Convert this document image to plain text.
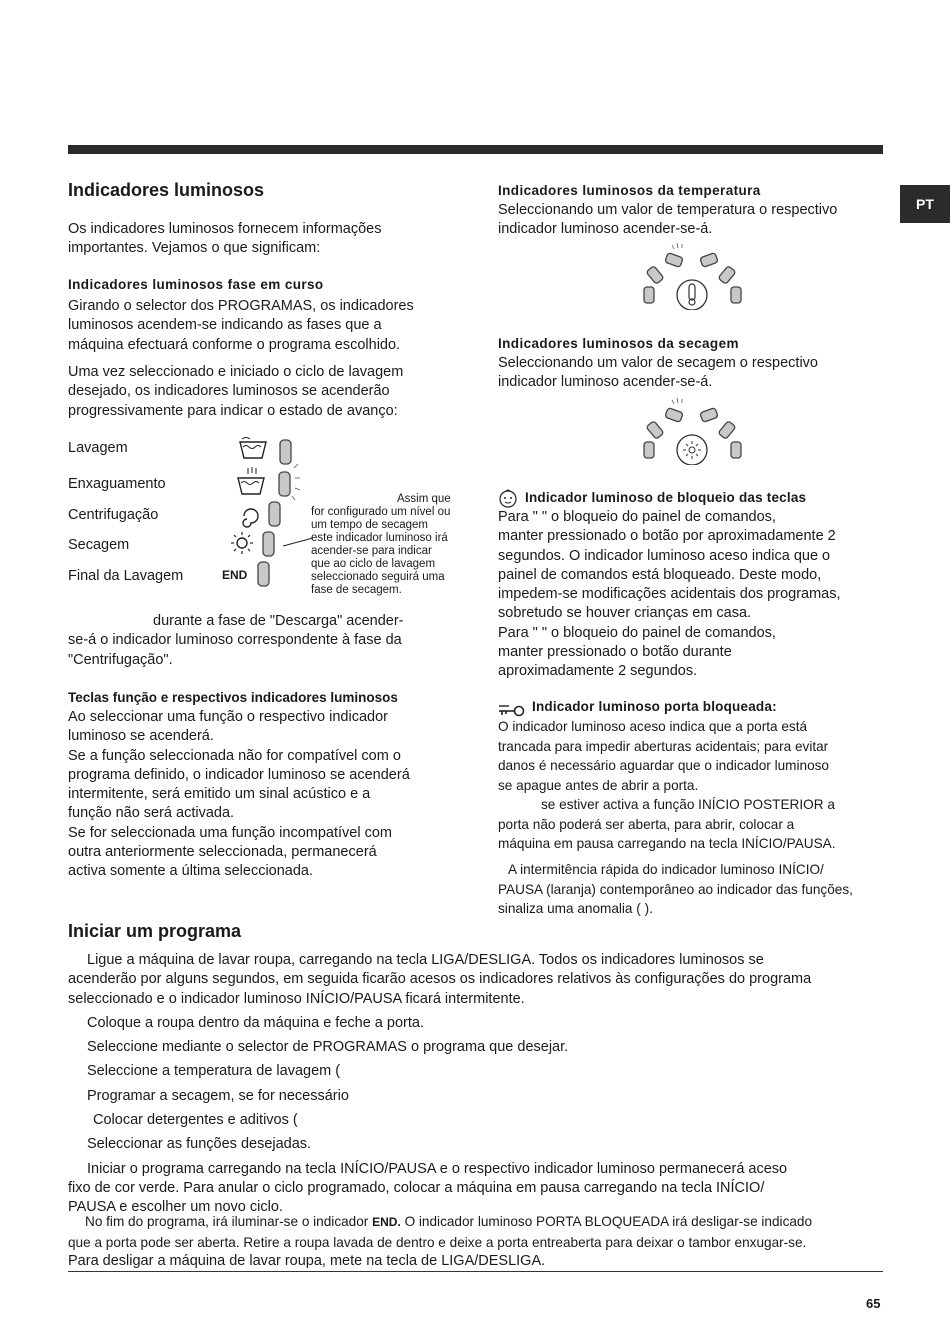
PT
Indicadores luminosos
Os indicadores luminosos fornecem informações
importantes. Vejamos o que significam:
Indicadores luminosos fase em curso
Girando o selector dos PROGRAMAS, os indicadores
luminosos acendem-se indicando as fases que a
máquina efectuará conforme o programa escolhido.
Uma vez seleccionado e iniciado o ciclo de lavagem
desejado, os indicadores luminosos se acenderão
progressivamente para indicar o estado de avanço:
Lavagem
Enxaguamento
Centrifugação
Secagem
Final da Lavagem	END
Assim que
for configurado um nível ou
um tempo de secagem
este indicador luminoso irá
acender-se para indicar
que ao ciclo de lavagem
seleccionado seguirá uma
fase de secagem.
durante a fase de "Descarga" acender-
se-á o indicador luminoso correspondente à fase da
"Centrifugação".
Teclas função e respectivos indicadores luminosos
Ao seleccionar uma função o respectivo indicador
luminoso se acenderá.
Se a função seleccionada não for compatível com o
programa definido, o indicador luminoso se acenderá
intermitente, será emitido um sinal acústico e a
função não será activada.
Se for seleccionada uma função incompatível com
outra anteriormente seleccionada, permanecerá
activa somente a última seleccionada.
Indicadores luminosos da temperatura
Seleccionando um valor de temperatura o respectivo
indicador luminoso acender-se-á.
Indicadores luminosos da secagem
Seleccionando um valor de secagem o respectivo
indicador luminoso acender-se-á.
Indicador luminoso de bloqueio das teclas
Para " " o bloqueio do painel de comandos,
manter pressionado o botão por aproximadamente 2
segundos. O indicador luminoso aceso indica que o
painel de comandos está bloqueado. Deste modo,
impedem-se modificações acidentais dos programas,
sobretudo se houver crianças em casa.
Para " " o bloqueio do painel de comandos,
manter pressionado o botão durante
aproximadamente 2 segundos.
Indicador luminoso porta bloqueada:
O indicador luminoso aceso indica que a porta está
trancada para impedir aberturas acidentais; para evitar
danos é necessário aguardar que o indicador luminoso
se apague antes de abrir a porta.
se estiver activa a função INÍCIO POSTERIOR a
porta não poderá ser aberta, para abrir, colocar a
máquina em pausa carregando na tecla INÍCIO/PAUSA.
A intermitência rápida do indicador luminoso INÍCIO/
PAUSA (laranja) contemporâneo ao indicador das funções,
sinaliza uma anomalia ( ).
Iniciar um programa
Ligue a máquina de lavar roupa, carregando na tecla LIGA/DESLIGA. Todos os indicadores luminosos se
acenderão por alguns segundos, em seguida ficarão acesos os indicadores relativos às configurações do programa
seleccionado e o indicador luminoso INÍCIO/PAUSA ficará intermitente.
Coloque a roupa dentro da máquina e feche a porta.
Seleccione mediante o selector de PROGRAMAS o programa que desejar.
Seleccione a temperatura de lavagem (
Programar a secagem, se for necessário
Colocar detergentes e aditivos (
Seleccionar as funções desejadas.
Iniciar o programa carregando na tecla INÍCIO/PAUSA e o respectivo indicador luminoso permanecerá aceso
fixo de cor verde. Para anular o ciclo programado, colocar a máquina em pausa carregando na tecla INÍCIO/
PAUSA e escolher um novo ciclo.
No fim do programa, irá iluminar-se o indicador END. O indicador luminoso PORTA BLOQUEADA irá desligar-se indicado
que a porta pode ser aberta. Retire a roupa lavada de dentro e deixe a porta entreaberta para deixar o tambor enxugar-se.
Para desligar a máquina de lavar roupa, mete na tecla de LIGA/DESLIGA.
65
